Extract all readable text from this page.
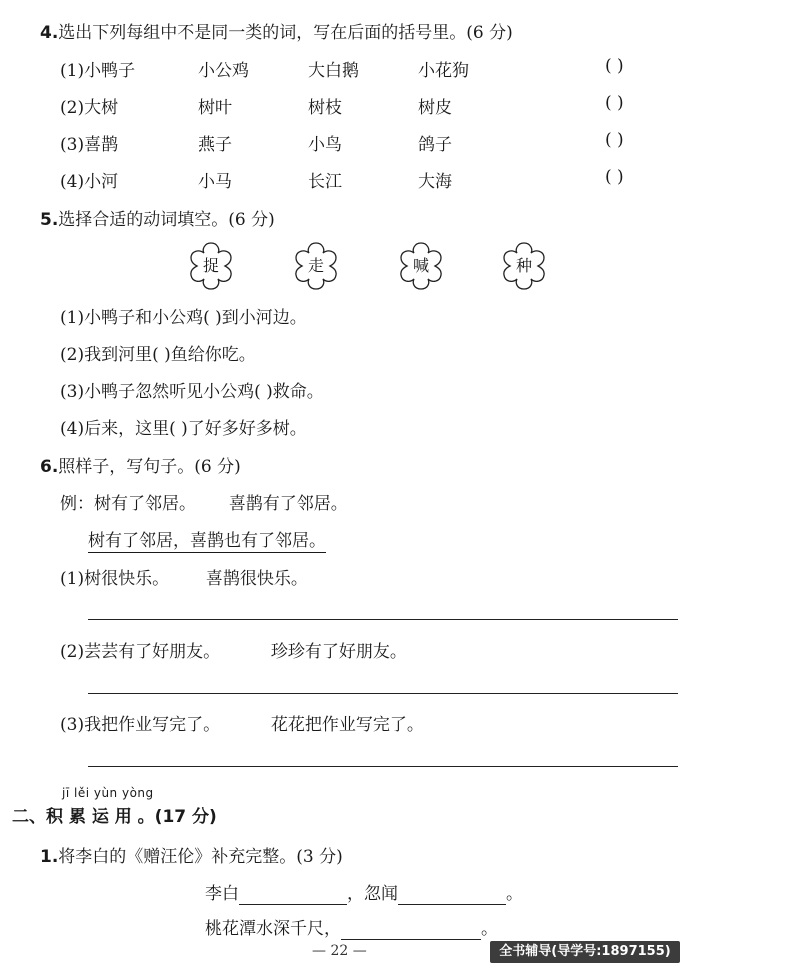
4.选出下列每组中不是同一类的词，写在后面的括号里。(6 分)
(1)小鸭子	小公鸡	大白鹅	小花狗	( )
(2)大树	树叶	树枝	树皮	( )
(3)喜鹊	燕子	小鸟	鸽子	( )
(4)小河	小马	长江	大海	( )
5.选择合适的动词填空。(6 分)
捉	走	喊	种
(1)小鸭子和小公鸡( )到小河边。
(2)我到河里( )鱼给你吃。
(3)小鸭子忽然听见小公鸡( )救命。
(4)后来，这里( )了好多好多树。
6.照样子，写句子。(6 分)
例：树有了邻居。 喜鹊有了邻居。
树有了邻居，喜鹊也有了邻居。
(1)树很快乐。 喜鹊很快乐。
(2)芸芸有了好朋友。	珍珍有了好朋友。
(3)我把作业写完了。	花花把作业写完了。
jī lěi yùn yòng
二、积 累 运 用 。(17 分)
1.将李白的《赠汪伦》补充完整。(3 分)
李白	，忽闻	。
桃花潭水深千尺，	。
— 22 —	全书辅导(导学号:1897155)
